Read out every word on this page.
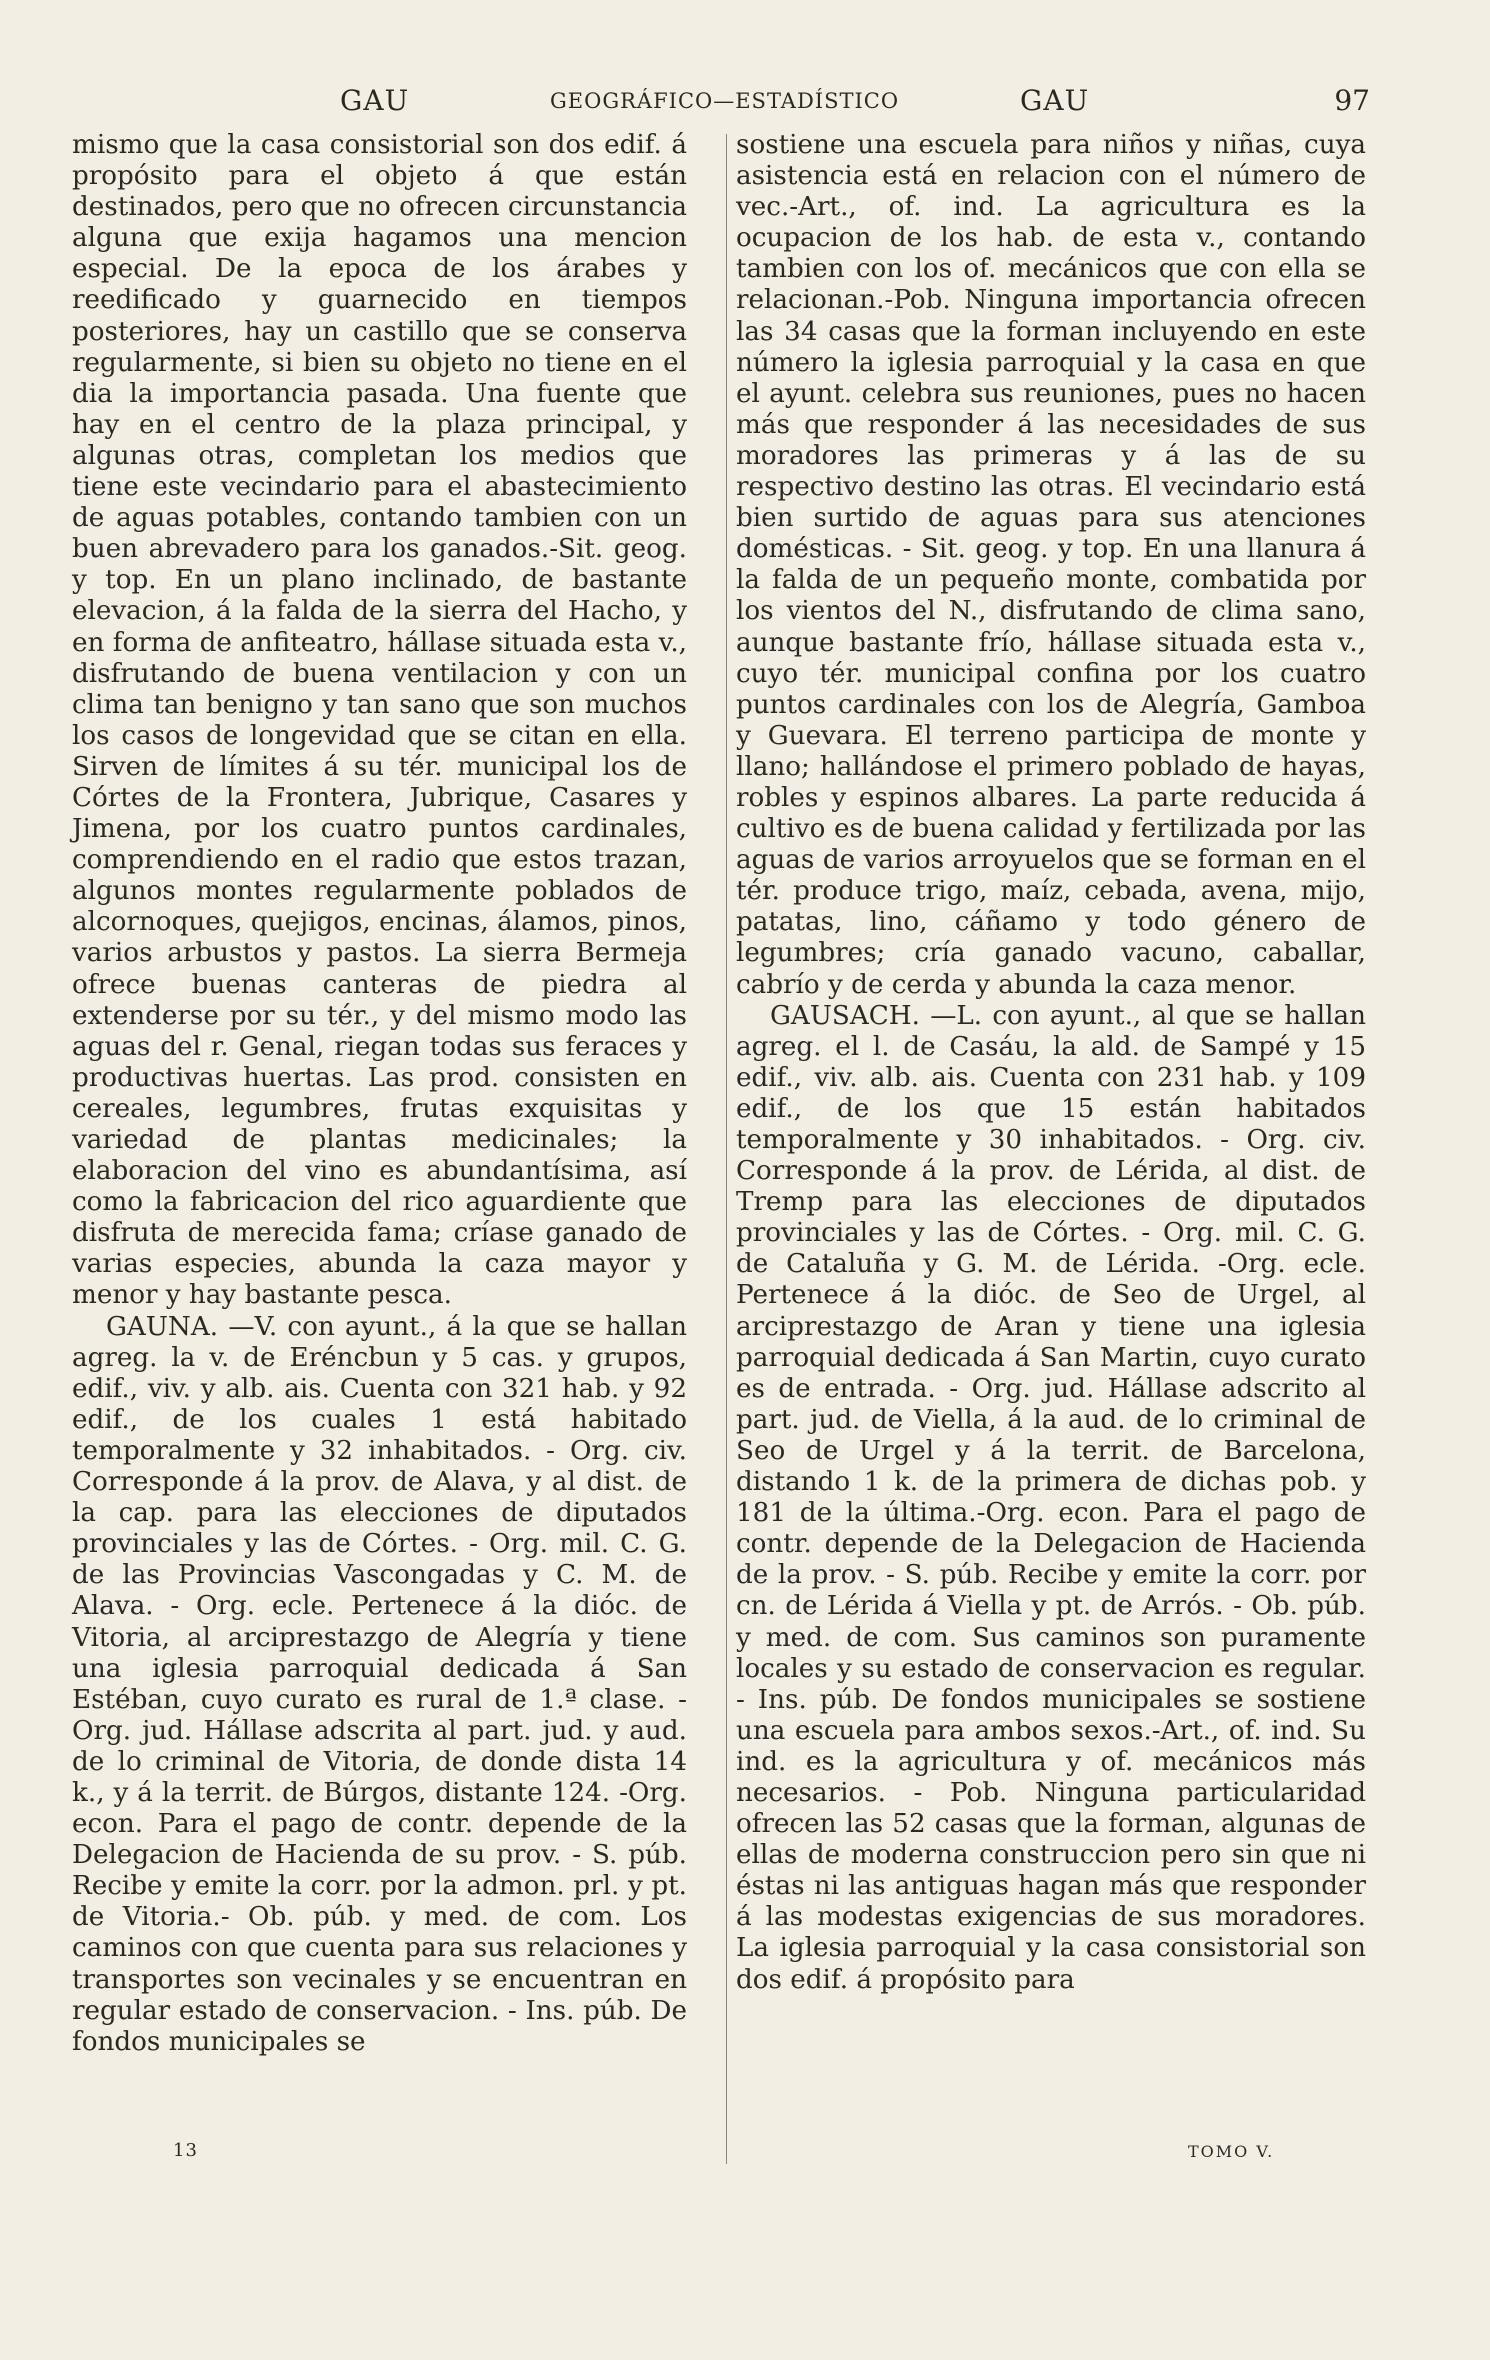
GAU	GEOGRÁFICO—ESTADÍSTICO	GAU	97

mismo que la casa consistorial son dos edif. á propósito para el objeto á que están destinados, pero que no ofrecen circunstancia alguna que exija hagamos una mencion especial. De la epoca de los árabes y reedificado y guarnecido en tiempos posteriores, hay un castillo que se conserva regularmente, si bien su objeto no tiene en el dia la importancia pasada. Una fuente que hay en el centro de la plaza principal, y algunas otras, completan los medios que tiene este vecindario para el abastecimiento de aguas potables, contando tambien con un buen abrevadero para los ganados.-Sit. geog. y top. En un plano inclinado, de bastante elevacion, á la falda de la sierra del Hacho, y en forma de anfiteatro, hállase situada esta v., disfrutando de buena ventilacion y con un clima tan benigno y tan sano que son muchos los casos de longevidad que se citan en ella. Sirven de límites á su tér. municipal los de Córtes de la Frontera, Jubrique, Casares y Jimena, por los cuatro puntos cardinales, comprendiendo en el radio que estos trazan, algunos montes regularmente poblados de alcornoques, quejigos, encinas, álamos, pinos, varios arbustos y pastos. La sierra Bermeja ofrece buenas canteras de piedra al extenderse por su tér., y del mismo modo las aguas del r. Genal, riegan todas sus feraces y productivas huertas. Las prod. consisten en cereales, legumbres, frutas exquisitas y variedad de plantas medicinales; la elaboracion del vino es abundantísima, así como la fabricacion del rico aguardiente que disfruta de merecida fama; críase ganado de varias especies, abunda la caza mayor y menor y hay bastante pesca.

GAUNA. —V. con ayunt., á la que se hallan agreg. la v. de Eréncbun y 5 cas. y grupos, edif., viv. y alb. ais. Cuenta con 321 hab. y 92 edif., de los cuales 1 está habitado temporalmente y 32 inhabitados. - Org. civ. Corresponde á la prov. de Alava, y al dist. de la cap. para las elecciones de diputados provinciales y las de Córtes. - Org. mil. C. G. de las Provincias Vascongadas y C. M. de Alava. - Org. ecle. Pertenece á la dióc. de Vitoria, al arciprestazgo de Alegría y tiene una iglesia parroquial dedicada á San Estéban, cuyo curato es rural de 1.ª clase. -Org. jud. Hállase adscrita al part. jud. y aud. de lo criminal de Vitoria, de donde dista 14 k., y á la territ. de Búrgos, distante 124. -Org. econ. Para el pago de contr. depende de la Delegacion de Hacienda de su prov. - S. púb. Recibe y emite la corr. por la admon. prl. y pt. de Vitoria.- Ob. púb. y med. de com. Los caminos con que cuenta para sus relaciones y transportes son vecinales y se encuentran en regular estado de conservacion. - Ins. púb. De fondos municipales se

sostiene una escuela para niños y niñas, cuya asistencia está en relacion con el número de vec.-Art., of. ind. La agricultura es la ocupacion de los hab. de esta v., contando tambien con los of. mecánicos que con ella se relacionan.-Pob. Ninguna importancia ofrecen las 34 casas que la forman incluyendo en este número la iglesia parroquial y la casa en que el ayunt. celebra sus reuniones, pues no hacen más que responder á las necesidades de sus moradores las primeras y á las de su respectivo destino las otras. El vecindario está bien surtido de aguas para sus atenciones domésticas. - Sit. geog. y top. En una llanura á la falda de un pequeño monte, combatida por los vientos del N., disfrutando de clima sano, aunque bastante frío, hállase situada esta v., cuyo tér. municipal confina por los cuatro puntos cardinales con los de Alegría, Gamboa y Guevara. El terreno participa de monte y llano; hallándose el primero poblado de hayas, robles y espinos albares. La parte reducida á cultivo es de buena calidad y fertilizada por las aguas de varios arroyuelos que se forman en el tér. produce trigo, maíz, cebada, avena, mijo, patatas, lino, cáñamo y todo género de legumbres; cría ganado vacuno, caballar, cabrío y de cerda y abunda la caza menor.

GAUSACH. —L. con ayunt., al que se hallan agreg. el l. de Casáu, la ald. de Sampé y 15 edif., viv. alb. ais. Cuenta con 231 hab. y 109 edif., de los que 15 están habitados temporalmente y 30 inhabitados. - Org. civ. Corresponde á la prov. de Lérida, al dist. de Tremp para las elecciones de diputados provinciales y las de Córtes. - Org. mil. C. G. de Cataluña y G. M. de Lérida. -Org. ecle. Pertenece á la dióc. de Seo de Urgel, al arciprestazgo de Aran y tiene una iglesia parroquial dedicada á San Martin, cuyo curato es de entrada. - Org. jud. Hállase adscrito al part. jud. de Viella, á la aud. de lo criminal de Seo de Urgel y á la territ. de Barcelona, distando 1 k. de la primera de dichas pob. y 181 de la última.-Org. econ. Para el pago de contr. depende de la Delegacion de Hacienda de la prov. - S. púb. Recibe y emite la corr. por cn. de Lérida á Viella y pt. de Arrós. - Ob. púb. y med. de com. Sus caminos son puramente locales y su estado de conservacion es regular. - Ins. púb. De fondos municipales se sostiene una escuela para ambos sexos.-Art., of. ind. Su ind. es la agricultura y of. mecánicos más necesarios. - Pob. Ninguna particularidad ofrecen las 52 casas que la forman, algunas de ellas de moderna construccion pero sin que ni éstas ni las antiguas hagan más que responder á las modestas exigencias de sus moradores. La iglesia parroquial y la casa consistorial son dos edif. á propósito para

13	TOMO V.
